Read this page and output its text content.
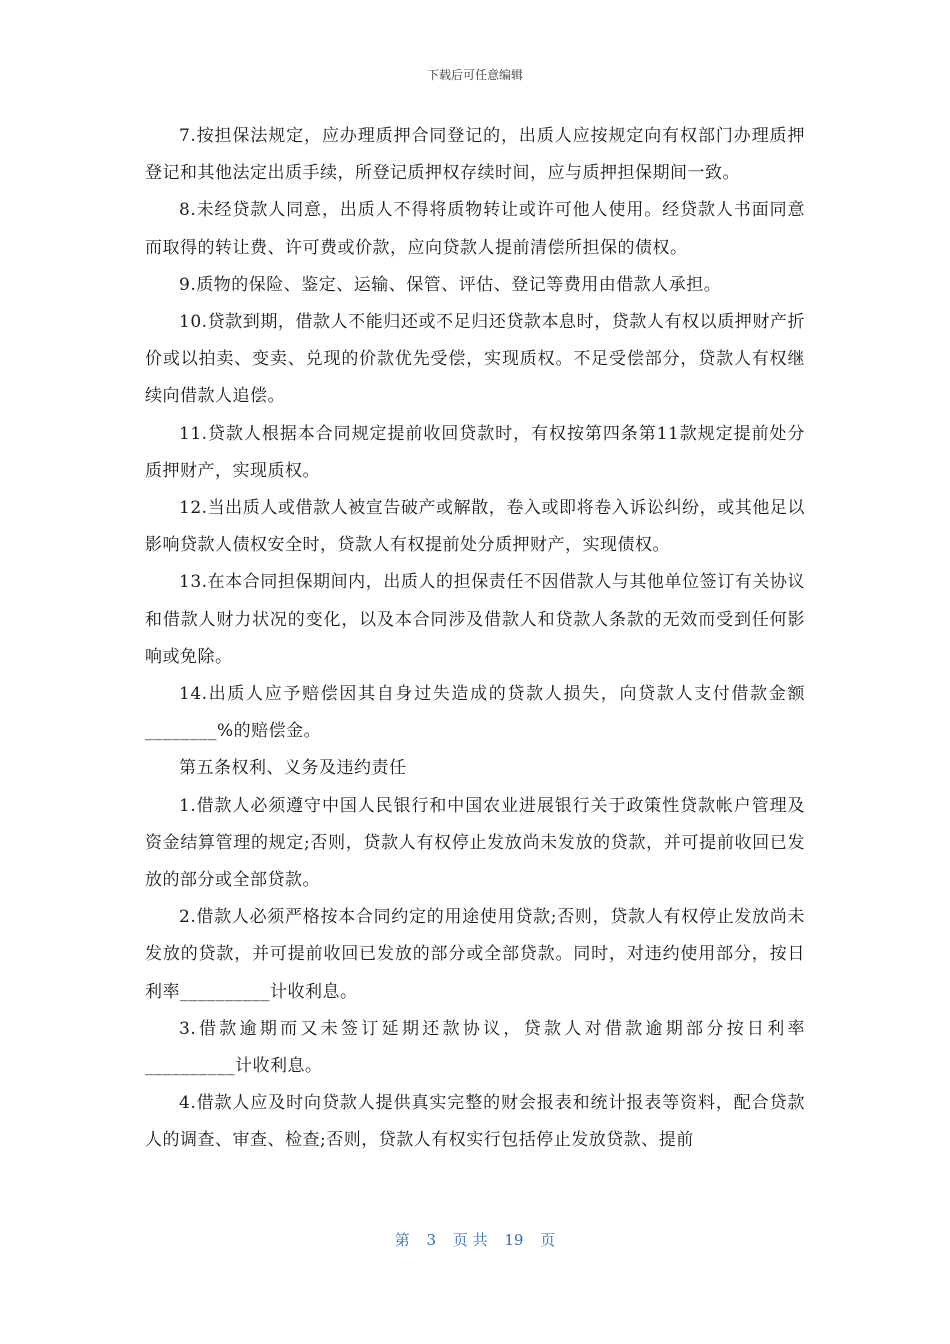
下载后可任意编辑

7.按担保法规定，应办理质押合同登记的，出质人应按规定向有权部门办理质押登记和其他法定出质手续，所登记质押权存续时间，应与质押担保期间一致。

8.未经贷款人同意，出质人不得将质物转让或许可他人使用。经贷款人书面同意而取得的转让费、许可费或价款，应向贷款人提前清偿所担保的债权。

9.质物的保险、鉴定、运输、保管、评估、登记等费用由借款人承担。

10.贷款到期，借款人不能归还或不足归还贷款本息时，贷款人有权以质押财产折价或以拍卖、变卖、兑现的价款优先受偿，实现质权。不足受偿部分，贷款人有权继续向借款人追偿。

11.贷款人根据本合同规定提前收回贷款时，有权按第四条第11款规定提前处分质押财产，实现质权。

12.当出质人或借款人被宣告破产或解散，卷入或即将卷入诉讼纠纷，或其他足以影响贷款人债权安全时，贷款人有权提前处分质押财产，实现债权。

13.在本合同担保期间内，出质人的担保责任不因借款人与其他单位签订有关协议和借款人财力状况的变化，以及本合同涉及借款人和贷款人条款的无效而受到任何影响或免除。

14.出质人应予赔偿因其自身过失造成的贷款人损失，向贷款人支付借款金额________%的赔偿金。

第五条权利、义务及违约责任

1.借款人必须遵守中国人民银行和中国农业进展银行关于政策性贷款帐户管理及资金结算管理的规定;否则，贷款人有权停止发放尚未发放的贷款，并可提前收回已发放的部分或全部贷款。

2.借款人必须严格按本合同约定的用途使用贷款;否则，贷款人有权停止发放尚未发放的贷款，并可提前收回已发放的部分或全部贷款。同时，对违约使用部分，按日利率__________计收利息。

3.借款逾期而又未签订延期还款协议，贷款人对借款逾期部分按日利率__________计收利息。

4.借款人应及时向贷款人提供真实完整的财会报表和统计报表等资料，配合贷款人的调查、审查、检查;否则，贷款人有权实行包括停止发放贷款、提前

第 3 页 共 19 页
